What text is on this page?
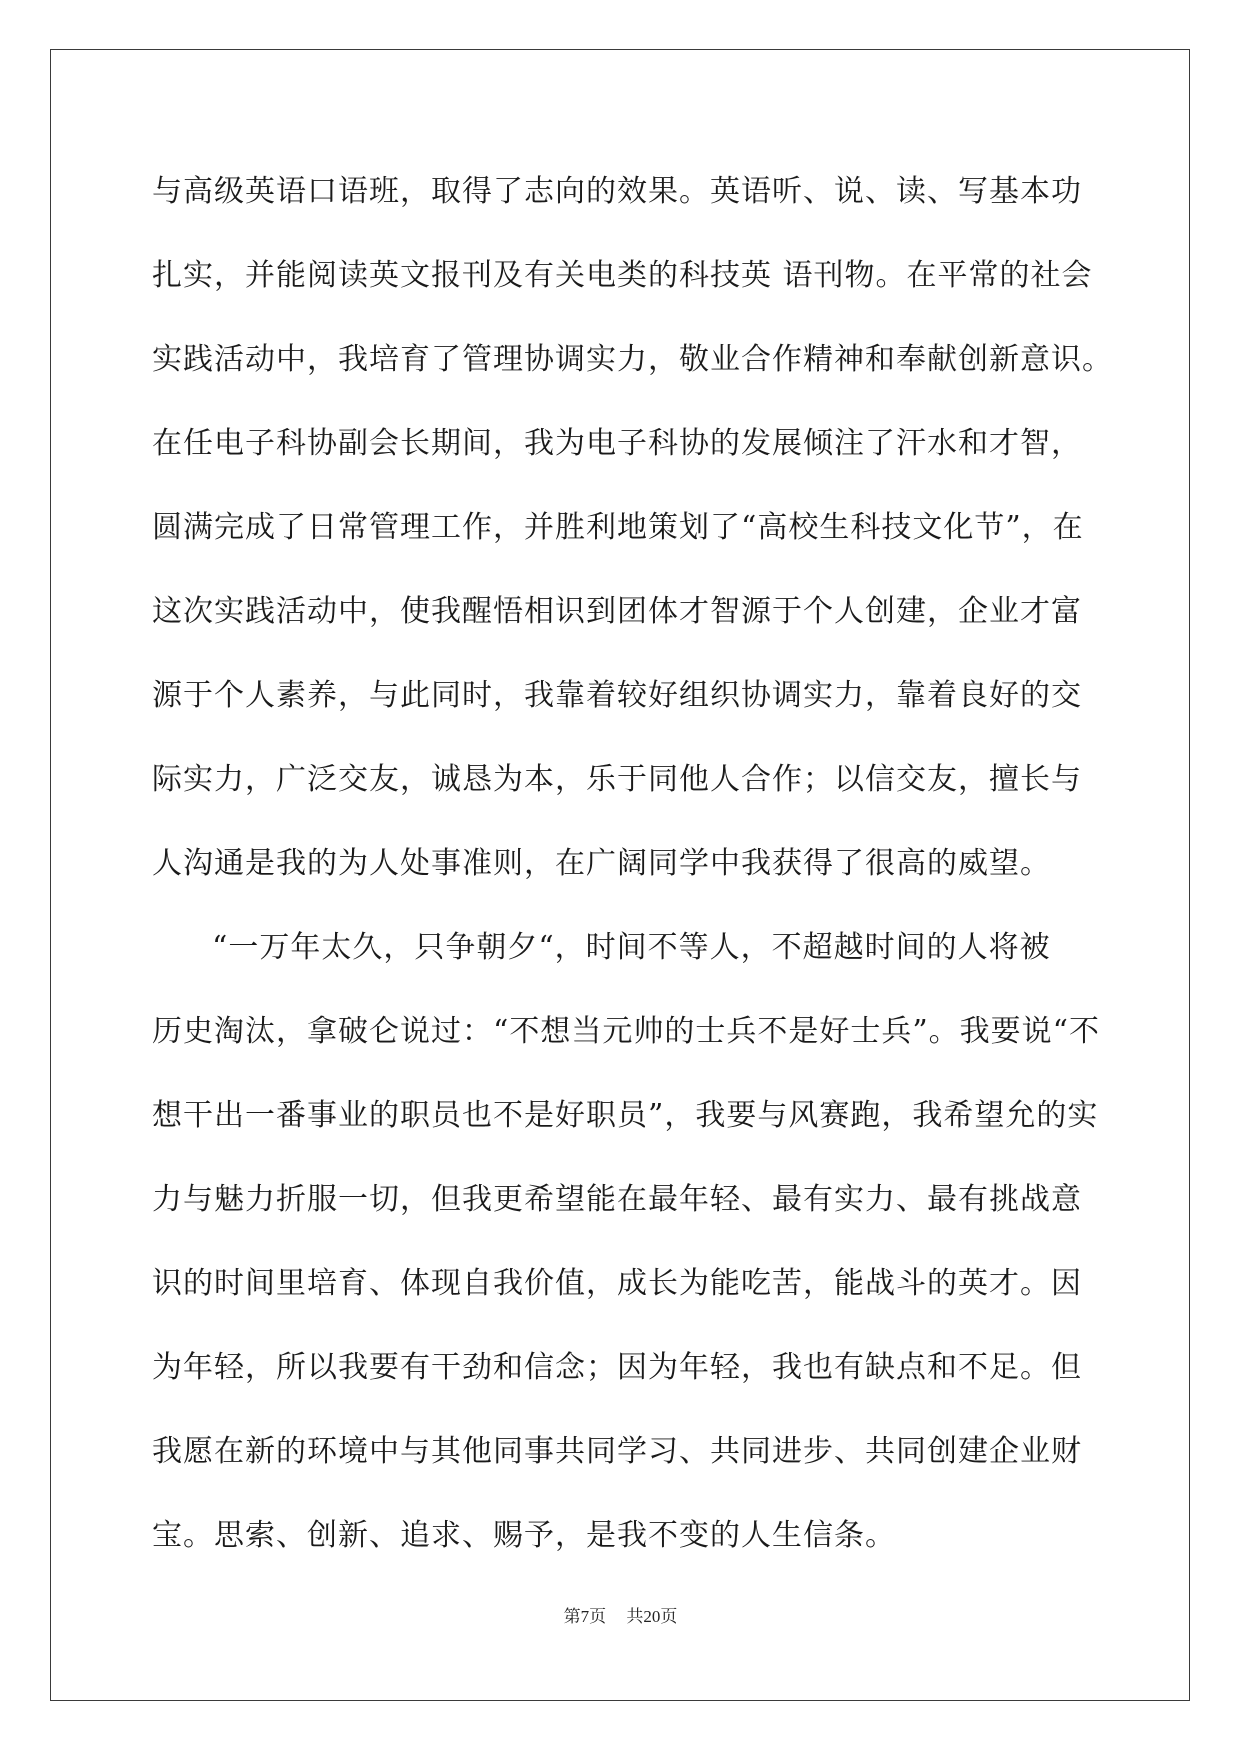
与高级英语口语班，取得了志向的效果。英语听、说、读、写基本功
扎实，并能阅读英文报刊及有关电类的科技英 语刊物。在平常的社会
实践活动中，我培育了管理协调实力，敬业合作精神和奉献创新意识。
在任电子科协副会长期间，我为电子科协的发展倾注了汗水和才智，
圆满完成了日常管理工作，并胜利地策划了“高校生科技文化节”，在
这次实践活动中，使我醒悟相识到团体才智源于个人创建，企业才富
源于个人素养，与此同时，我靠着较好组织协调实力，靠着良好的交
际实力，广泛交友，诚恳为本，乐于同他人合作；以信交友，擅长与
人沟通是我的为人处事准则，在广阔同学中我获得了很高的威望。
“一万年太久，只争朝夕“，时间不等人，不超越时间的人将被
历史淘汰，拿破仑说过：“不想当元帅的士兵不是好士兵”。我要说“不
想干出一番事业的职员也不是好职员”，我要与风赛跑，我希望允的实
力与魅力折服一切，但我更希望能在最年轻、最有实力、最有挑战意
识的时间里培育、体现自我价值，成长为能吃苦，能战斗的英才。因
为年轻，所以我要有干劲和信念；因为年轻，我也有缺点和不足。但
我愿在新的环境中与其他同事共同学习、共同进步、共同创建企业财
宝。思索、创新、追求、赐予，是我不变的人生信条。
第7页 共20页
